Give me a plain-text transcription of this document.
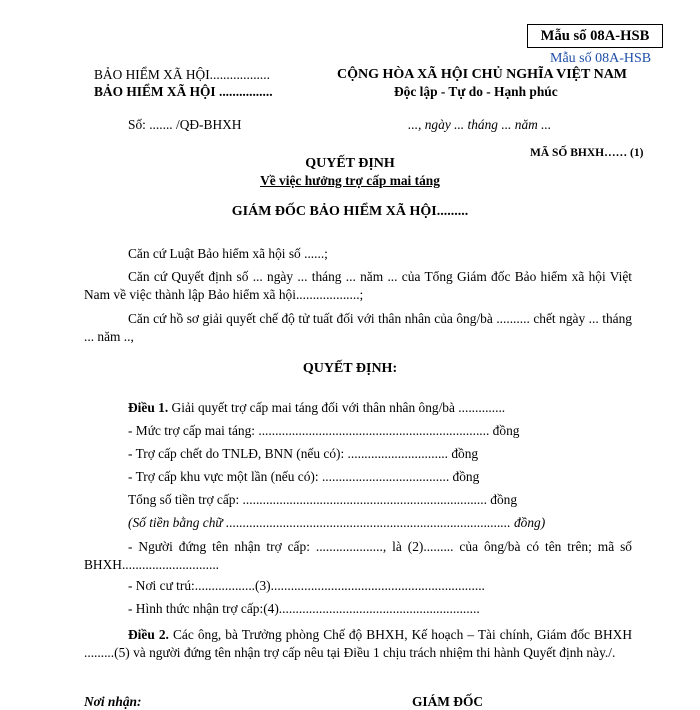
Mẫu số 08A-HSB
Mẫu số 08A-HSB
BẢO HIỂM XÃ HỘI..................
BẢO HIỂM XÃ HỘI ................
CỘNG HÒA XÃ HỘI CHỦ NGHĨA VIỆT NAM
Độc lập - Tự do - Hạnh phúc
Số: ....... /QĐ-BHXH	..., ngày ... tháng ... năm ...
MÃ SỐ BHXH…… (1)
QUYẾT ĐỊNH
Về việc hưởng trợ cấp mai táng
GIÁM ĐỐC BẢO HIỂM XÃ HỘI.........
Căn cứ Luật Bảo hiểm xã hội số ......;
Căn cứ Quyết định số ... ngày ... tháng ... năm ... của Tổng Giám đốc Bảo hiểm xã hội Việt Nam về việc thành lập Bảo hiểm xã hội...................;
Căn cứ hồ sơ giải quyết chế độ tử tuất đối với thân nhân của ông/bà .......... chết ngày ... tháng ... năm ..,
QUYẾT ĐỊNH:
Điều 1. Giải quyết trợ cấp mai táng đối với thân nhân ông/bà ..............
- Mức trợ cấp mai táng: ..................................................................... đồng
- Trợ cấp chết do TNLĐ, BNN (nếu có): .............................. đồng
- Trợ cấp khu vực một lần (nếu có): ...................................... đồng
Tổng số tiền trợ cấp: ......................................................................... đồng
(Số tiền bằng chữ ..................................................................................... đồng)
- Người đứng tên nhận trợ cấp: ...................., là (2)......... của ông/bà có tên trên; mã số BHXH.............................
- Nơi cư trú:..................(3)................................................................
- Hình thức nhận trợ cấp:(4)............................................................
Điều 2. Các ông, bà Trưởng phòng Chế độ BHXH, Kế hoạch – Tài chính, Giám đốc BHXH .........(5) và người đứng tên nhận trợ cấp nêu tại Điều 1 chịu trách nhiệm thi hành Quyết định này./.
Nơi nhận:	GIÁM ĐỐC
